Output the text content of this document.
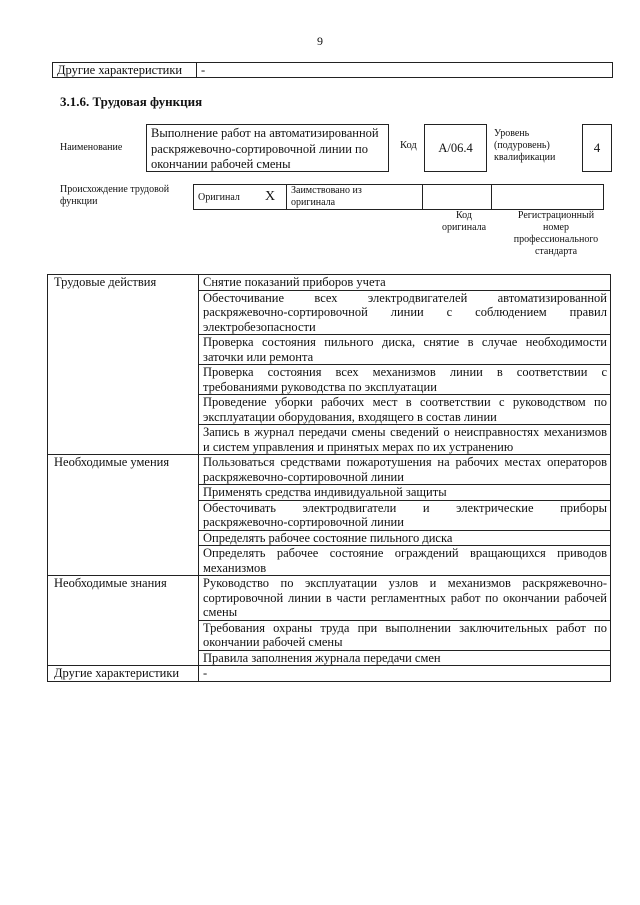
9
Другие характеристики	-
3.1.6. Трудовая функция
Наименование
Выполнение работ на автоматизированной
раскряжевочно-сортировочной линии по
окончании рабочей смены
Код А/06.4
Уровень
(подуровень)
квалификации
4
Происхождение трудовой
функции	Оригинал	X	Заимствовано из
оригинала

Код
оригинала
Регистрационный
номер
профессионального
стандарта
Трудовые действия	Снятие показаний приборов учета

	Обесточивание всех электродвигателей автоматизированной
раскряжевочно-сортировочной линии с соблюдением правил
электробезопасности

	Проверка состояния пильного диска, снятие в случае необходимости
заточки или ремонта

	Проверка состояния всех механизмов линии в соответствии с
требованиями руководства по эксплуатации

	Проведение уборки рабочих мест в соответствии с руководством по
эксплуатации оборудования, входящего в состав линии

	Запись в журнал передачи смены сведений о неисправностях механизмов
и систем управления и принятых мерах по их устранению

Необходимые умения	Пользоваться средствами пожаротушения на рабочих местах операторов
раскряжевочно-сортировочной линии

	Применять средства индивидуальной защиты

	Обесточивать электродвигатели и электрические приборы
раскряжевочно-сортировочной линии

	Определять рабочее состояние пильного диска

	Определять рабочее состояние ограждений вращающихся приводов
механизмов

Необходимые знания	Руководство по эксплуатации узлов и механизмов раскряжевочно-
сортировочной линии в части регламентных работ по окончании рабочей
смены

	Требования охраны труда при выполнении заключительных работ по
окончании рабочей смены

	Правила заполнения журнала передачи смен

Другие характеристики	-
